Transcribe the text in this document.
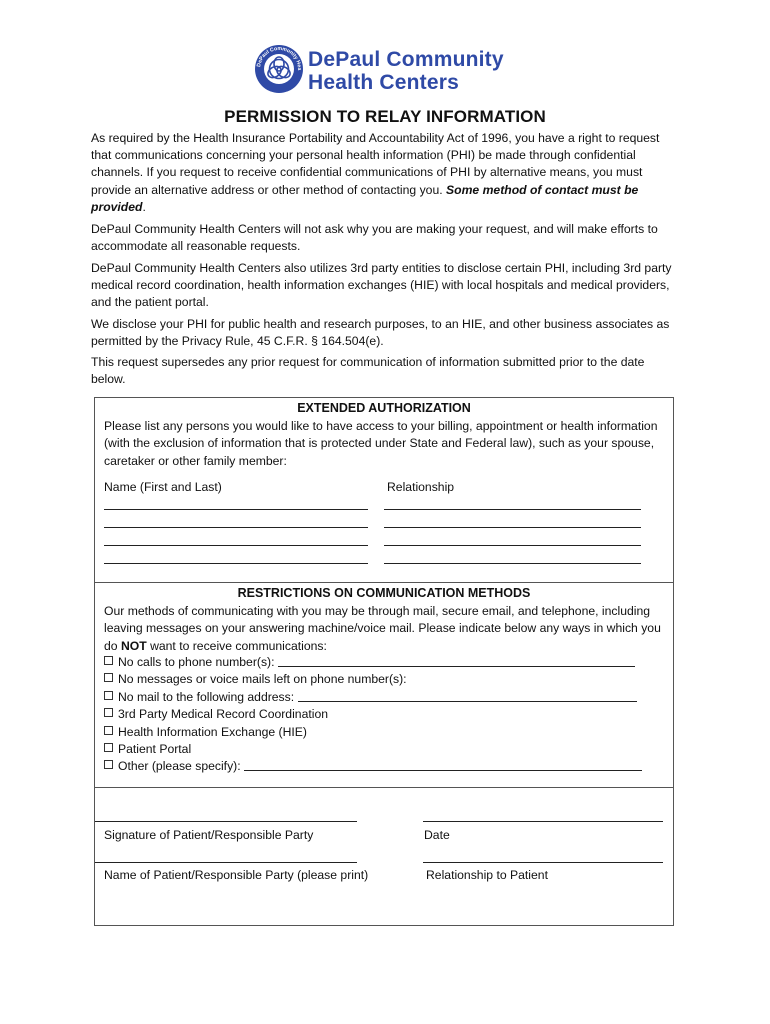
DePaul Community Hea DePaul Community
Health Centers
PERMISSION TO RELAY INFORMATION

As required by the Health Insurance Portability and Accountability Act of 1996, you have a right to request that communications concerning your personal health information (PHI) be made through confidential channels. If you request to receive confidential communications of PHI by alternative means, you must provide an alternative address or other method of contacting you. Some method of contact must be provided.

DePaul Community Health Centers will not ask why you are making your request, and will make efforts to accommodate all reasonable requests.

DePaul Community Health Centers also utilizes 3rd party entities to disclose certain PHI, including 3rd party medical record coordination, health information exchanges (HIE) with local hospitals and medical providers, and the patient portal.

We disclose your PHI for public health and research purposes, to an HIE, and other business associates as permitted by the Privacy Rule, 45 C.F.R. § 164.504(e).

This request supersedes any prior request for communication of information submitted prior to the date below.

EXTENDED AUTHORIZATION

Please list any persons you would like to have access to your billing, appointment or health information (with the exclusion of information that is protected under State and Federal law), such as your spouse, caretaker or other family member:

Name (First and Last)	Relationship
RESTRICTIONS ON COMMUNICATION METHODS

Our methods of communicating with you may be through mail, secure email, and telephone, including leaving messages on your answering machine/voice mail. Please indicate below any ways in which you do NOT want to receive communications:

No calls to phone number(s):
No messages or voice mails left on phone number(s):
No mail to the following address:
3rd Party Medical Record Coordination
Health Information Exchange (HIE)
Patient Portal
Other (please specify):
Signature of Patient/Responsible Party	Date
Name of Patient/Responsible Party (please print)	Relationship to Patient
